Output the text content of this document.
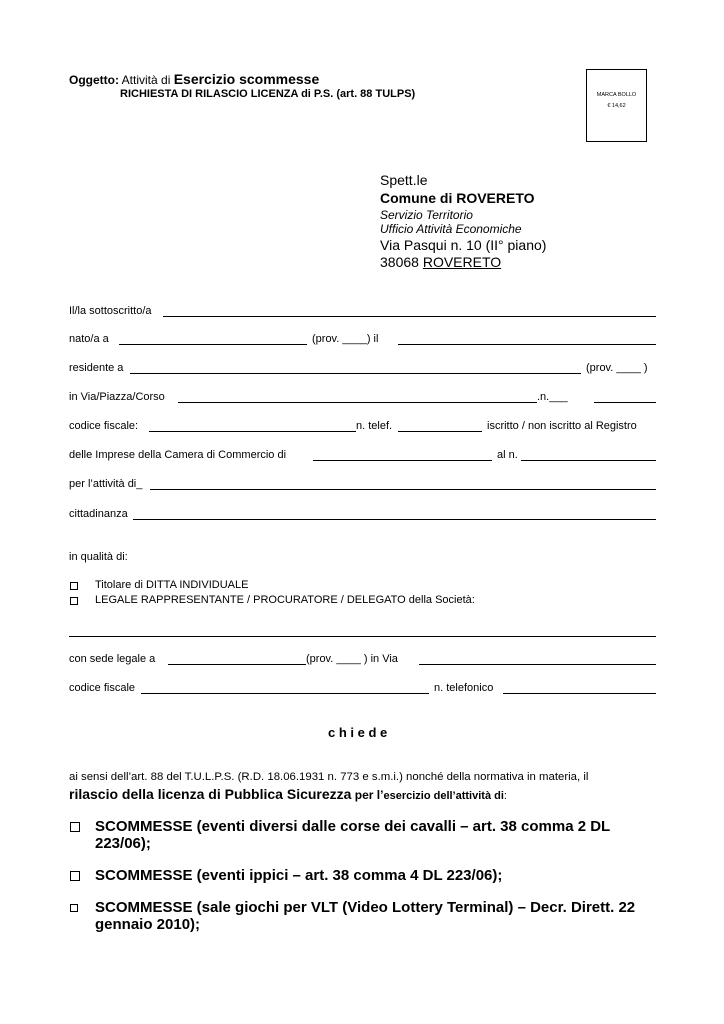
Oggetto: Attività di Esercizio scommesse
RICHIESTA DI RILASCIO LICENZA di P.S. (art. 88 TULPS)	MARCA BOLLO
€ 14,62
Spett.le
Comune di ROVERETO
Servizio Territorio
Ufficio Attività Economiche
Via Pasqui n. 10 (II° piano)
38068 ROVERETO
Il/la sottoscritto/a
nato/a a	(prov. ____) il
residente a	(prov. ____ )
in Via/Piazza/Corso	.n.___
codice fiscale:	n. telef.	iscritto / non iscritto al Registro
delle Imprese della Camera di Commercio di	al n.
per l’attività di_
cittadinanza
in qualità di:
Titolare di DITTA INDIVIDUALE
LEGALE RAPPRESENTANTE / PROCURATORE / DELEGATO della Società:
con sede legale a	(prov. ____ ) in Via
codice fiscale	n. telefonico
c h i e d e
ai sensi dell’art. 88 del T.U.L.P.S. (R.D. 18.06.1931 n. 773 e s.m.i.) nonché della normativa in materia, il
rilascio della licenza di Pubblica Sicurezza per l’esercizio dell’attività di:
SCOMMESSE (eventi diversi dalle corse dei cavalli – art. 38 comma 2 DL
223/06);
SCOMMESSE (eventi ippici – art. 38 comma 4 DL 223/06);
SCOMMESSE (sale giochi per VLT (Video Lottery Terminal) – Decr. Dirett. 22
gennaio 2010);
